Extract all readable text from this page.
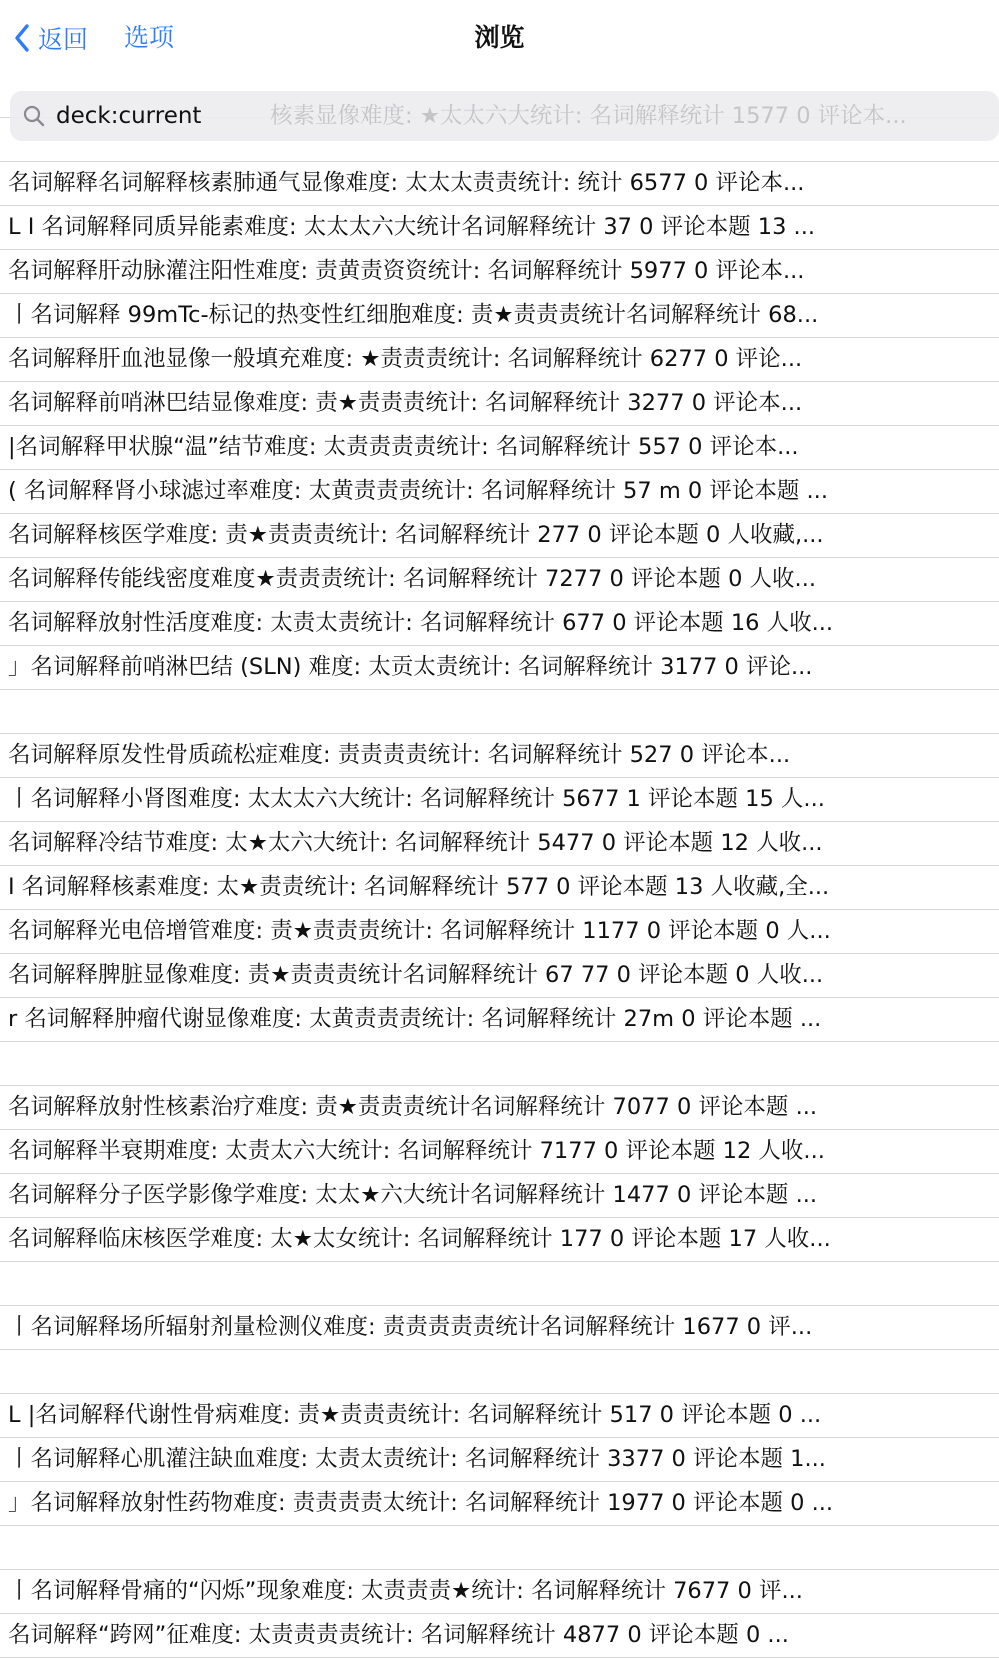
返回 选项	浏览
名词解释名词解释核素肺通气显像难度: 太太太责责统计: 统计 6577 0 评论本...
L I 名词解释同质异能素难度: 太太太六大统计名词解释统计 37 0 评论本题 13 ...
名词解释肝动脉灌注阳性难度: 责黄责资资统计: 名词解释统计 5977 0 评论本...
丨名词解释 99mTc-标记的热变性红细胞难度: 责★责责责统计名词解释统计 68...
名词解释肝血池显像一般填充难度: ★责责责统计: 名词解释统计 6277 0 评论...
名词解释前哨淋巴结显像难度: 责★责责责统计: 名词解释统计 3277 0 评论本...
|名词解释甲状腺“温”结节难度: 太责责责责统计: 名词解释统计 557 0 评论本...
( 名词解释肾小球滤过率难度: 太黄责责责统计: 名词解释统计 57 m 0 评论本题 ...
名词解释核医学难度: 责★责责责统计: 名词解释统计 277 0 评论本题 0 人收藏,...
名词解释传能线密度难度★责责责统计: 名词解释统计 7277 0 评论本题 0 人收...
名词解释放射性活度难度: 太责太责统计: 名词解释统计 677 0 评论本题 16 人收...
」名词解释前哨淋巴结 (SLN) 难度: 太贡太责统计: 名词解释统计 3177 0 评论...
名词解释原发性骨质疏松症难度: 责责责责统计: 名词解释统计 527 0 评论本...
丨名词解释小肾图难度: 太太太六大统计: 名词解释统计 5677 1 评论本题 15 人...
名词解释冷结节难度: 太★太六大统计: 名词解释统计 5477 0 评论本题 12 人收...
I 名词解释核素难度: 太★责责统计: 名词解释统计 577 0 评论本题 13 人收藏,全...
名词解释光电倍增管难度: 责★责责责统计: 名词解释统计 1177 0 评论本题 0 人...
名词解释脾脏显像难度: 责★责责责统计名词解释统计 67 77 0 评论本题 0 人收...
r 名词解释肿瘤代谢显像难度: 太黄责责责统计: 名词解释统计 27m 0 评论本题 ...
名词解释放射性核素治疗难度: 责★责责责统计名词解释统计 7077 0 评论本题 ...
名词解释半衰期难度: 太责太六大统计: 名词解释统计 7177 0 评论本题 12 人收...
名词解释分子医学影像学难度: 太太★六大统计名词解释统计 1477 0 评论本题 ...
名词解释临床核医学难度: 太★太女统计: 名词解释统计 177 0 评论本题 17 人收...
丨名词解释场所辐射剂量检测仪难度: 责责责责责统计名词解释统计 1677 0 评...
L |名词解释代谢性骨病难度: 责★责责责统计: 名词解释统计 517 0 评论本题 0 ...
丨名词解释心肌灌注缺血难度: 太责太责统计: 名词解释统计 3377 0 评论本题 1...
」名词解释放射性药物难度: 责责责责太统计: 名词解释统计 1977 0 评论本题 0 ...
丨名词解释骨痛的“闪烁”现象难度: 太责责责★统计: 名词解释统计 7677 0 评...
名词解释“跨网”征难度: 太责责责责统计: 名词解释统计 4877 0 评论本题 0 ...
deck:current	核素显像难度: ★太太六大统计: 名词解释统计 1577 0 评论本...
